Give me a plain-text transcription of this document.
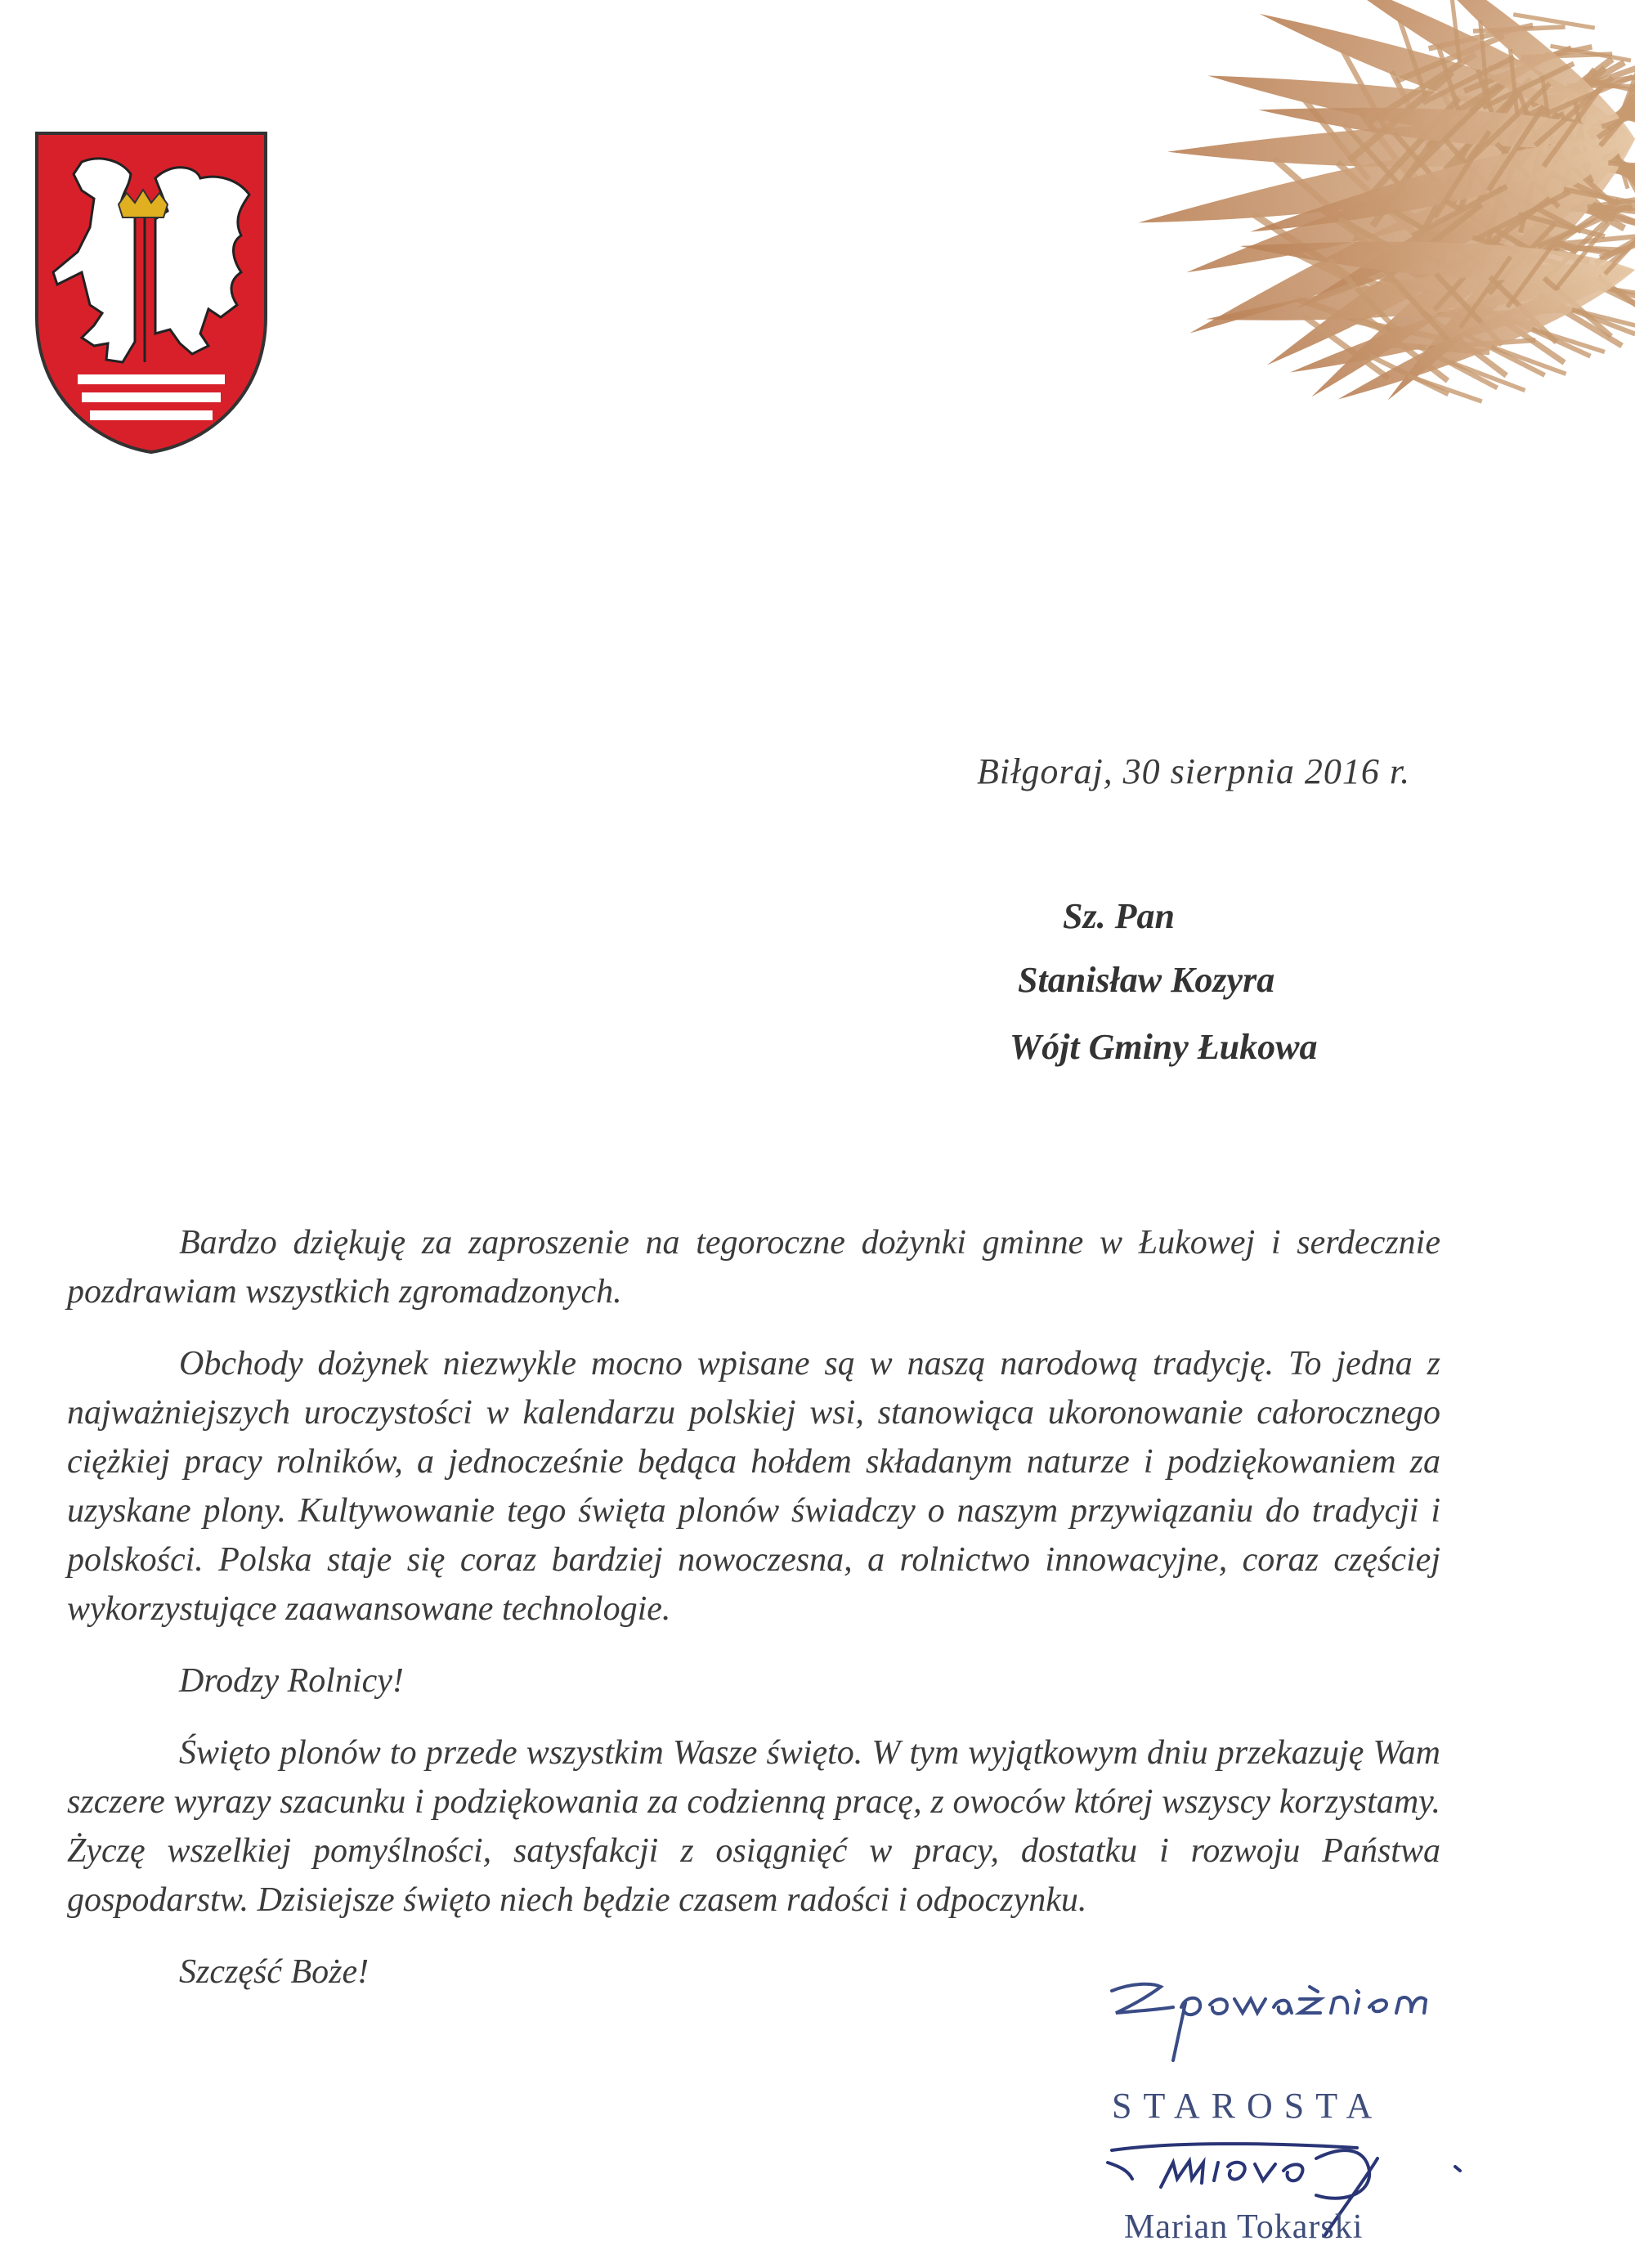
Biłgoraj, 30 sierpnia 2016 r.
Sz. Pan
Stanisław Kozyra
Wójt Gminy Łukowa

Bardzo dziękuję za zaproszenie na tegoroczne dożynki gminne w Łukowej i serdecznie pozdrawiam wszystkich zgromadzonych.

Obchody dożynek niezwykle mocno wpisane są w naszą narodową tradycję. To jedna z najważniejszych uroczystości w kalendarzu polskiej wsi, stanowiąca ukoronowanie całorocznego ciężkiej pracy rolników, a jednocześnie będąca hołdem składanym naturze i podziękowaniem za uzyskane plony. Kultywowanie tego święta plonów świadczy o naszym przywiązaniu do tradycji i polskości. Polska staje się coraz bardziej nowoczesna, a rolnictwo innowacyjne, coraz częściej wykorzystujące zaawansowane technologie.

Drodzy Rolnicy!

Święto plonów to przede wszystkim Wasze święto. W tym wyjątkowym dniu przekazuję Wam szczere wyrazy szacunku i podziękowania za codzienną pracę, z owoców której wszyscy korzystamy. Życzę wszelkiej pomyślności, satysfakcji z osiągnięć w pracy, dostatku i rozwoju Państwa gospodarstw. Dzisiejsze święto niech będzie czasem radości i odpoczynku.

Szczęść Boże!

STAROSTA
Marian Tokarski
